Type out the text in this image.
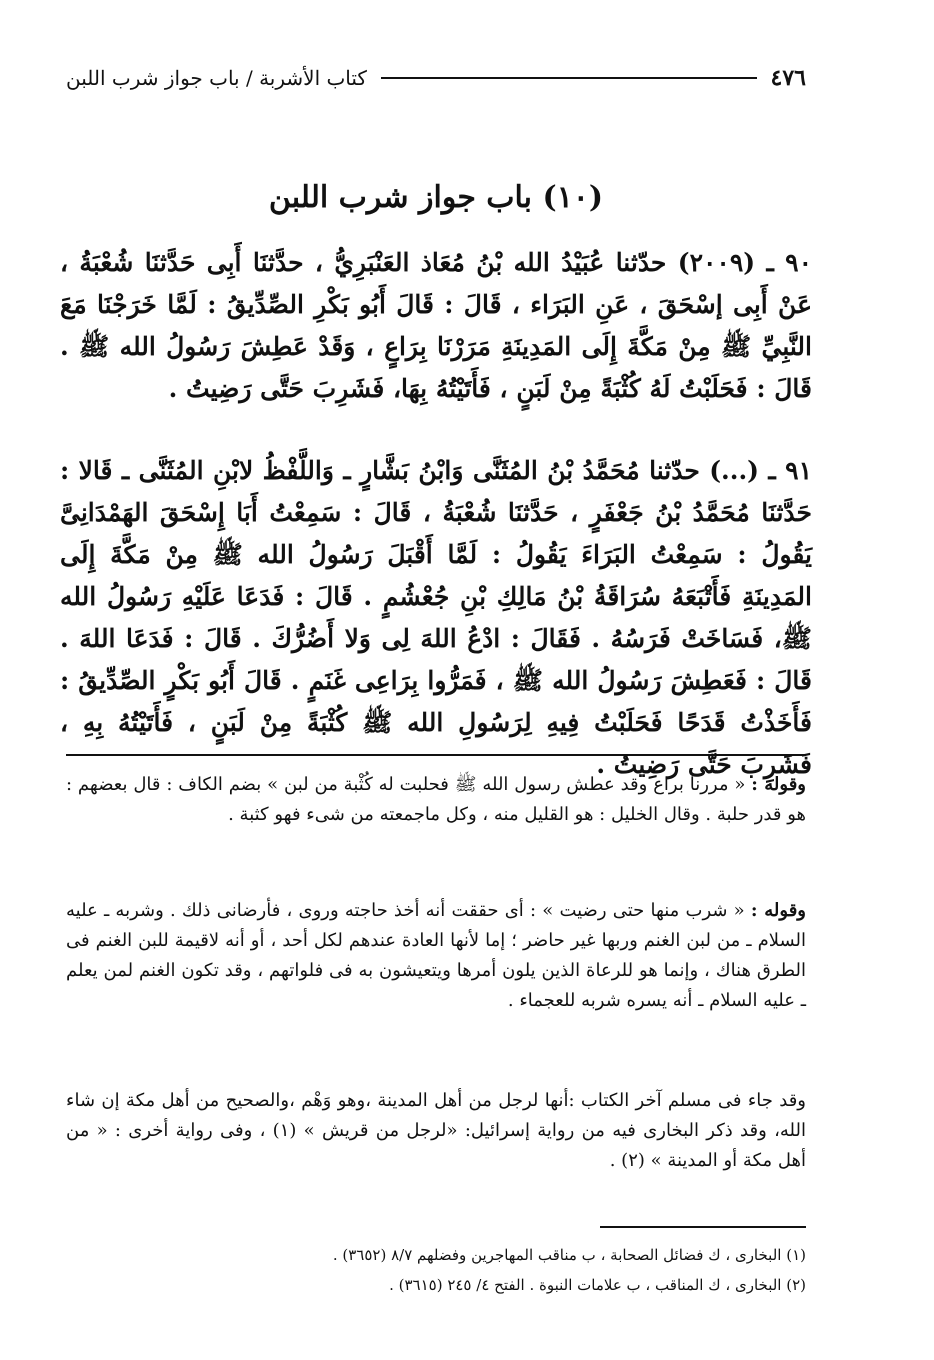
٤٧٦
كتاب الأشربة / باب جواز شرب اللبن
(١٠) باب جواز شرب اللبن

٩٠ ـ (٢٠٠٩) حدّثنا عُبَيْدُ الله بْنُ مُعَاذ العَنْبَرِيُّ ، حدَّثنَا أَبِى حَدَّثنَا شُعْبَةُ ، عَنْ أَبِى إسْحَقَ ، عَنِ البَرَاء ، قَالَ : قَالَ أَبُو بَكْرِ الصِّدِّيقُ : لَمَّا خَرَجْنَا مَعَ النَّبِيِّ ﷺ مِنْ مَكَّةَ إِلَى المَدِينَةِ مَرَرْنَا بِرَاعٍ ، وَقَدْ عَطِشَ رَسُولُ الله ﷺ . قَالَ : فَحَلَبْتُ لَهُ كُثْبَةً مِنْ لَبَنٍ ، فَأَتَيْتُهُ بِهَا، فَشَرِبَ حَتَّى رَضِيتُ .

٩١ ـ (...) حدّثنا مُحَمَّدُ بْنُ المُثَنَّى وَابْنُ بَشَّارٍ ـ وَاللَّفْظُ لابْنِ المُثَنَّى ـ قَالا : حَدَّثنَا مُحَمَّدُ بْنُ جَعْفَرٍ ، حَدَّثنَا شُعْبَةُ ، قَالَ : سَمِعْتُ أَبَا إِسْحَقَ الهَمْدَانِىَّ يَقُولُ : سَمِعْتُ البَرَاءَ يَقُولُ : لَمَّا أَقْبَلَ رَسُولُ الله ﷺ مِنْ مَكَّةَ إِلَى المَدِينَةِ فَأَتْبَعَهُ سُرَاقَةُ بْنُ مَالِكِ بْنِ جُعْشُمٍ . قَالَ : فَدَعَا عَلَيْهِ رَسُولُ الله ﷺ، فَسَاخَتْ فَرَسُهُ . فَقَالَ : ادْعُ اللهَ لِى وَلا أَضُرُّكَ . قَالَ : فَدَعَا اللهَ . قَالَ : فَعَطِشَ رَسُولُ الله ﷺ ، فَمَرُّوا بِرَاعِى غَنَمٍ . قَالَ أَبُو بَكْرٍ الصِّدِّيقُ : فَأَخَذْتُ قَدَحًا فَحَلَبْتُ فِيهِ لِرَسُولِ الله ﷺ كُثْبَةً مِنْ لَبَنٍ ، فَأَتَيْتُهُ بِهِ ، فَشَرِبَ حَتَّى رَضِيتُ .

وقوله : « مررنا براع وقد عطش رسول الله ﷺ فحلبت له كُثْبة من لبن » بضم الكاف : قال بعضهم : هو قدر حلبة . وقال الخليل : هو القليل منه ، وكل ماجمعته من شىء فهو كثبة .

وقوله : « شرب منها حتى رضيت » : أى حققت أنه أخذ حاجته وروى ، فأرضانى ذلك . وشربه ـ عليه السلام ـ من لبن الغنم وربها غير حاضر ؛ إما لأنها العادة عندهم لكل أحد ، أو أنه لاقيمة للبن الغنم فى الطرق هناك ، وإنما هو للرعاة الذين يلون أمرها ويتعيشون به فى فلواتهم ، وقد تكون الغنم لمن يعلم ـ عليه السلام ـ أنه يسره شربه للعجماء .

وقد جاء فى مسلم آخر الكتاب :أنها لرجل من أهل المدينة ،وهو وَهْم ،والصحيح من أهل مكة إن شاء الله، وقد ذكر البخارى فيه من رواية إسرائيل: «لرجل من قريش » (١) ، وفى رواية أخرى : « من أهل مكة أو المدينة » (٢) .

(١) البخارى ، ك فضائل الصحابة ، ب مناقب المهاجرين وفضلهم ٨/٧ (٣٦٥٢) .

(٢) البخارى ، ك المناقب ، ب علامات النبوة . الفتح ٤/ ٢٤٥ (٣٦١٥) .
